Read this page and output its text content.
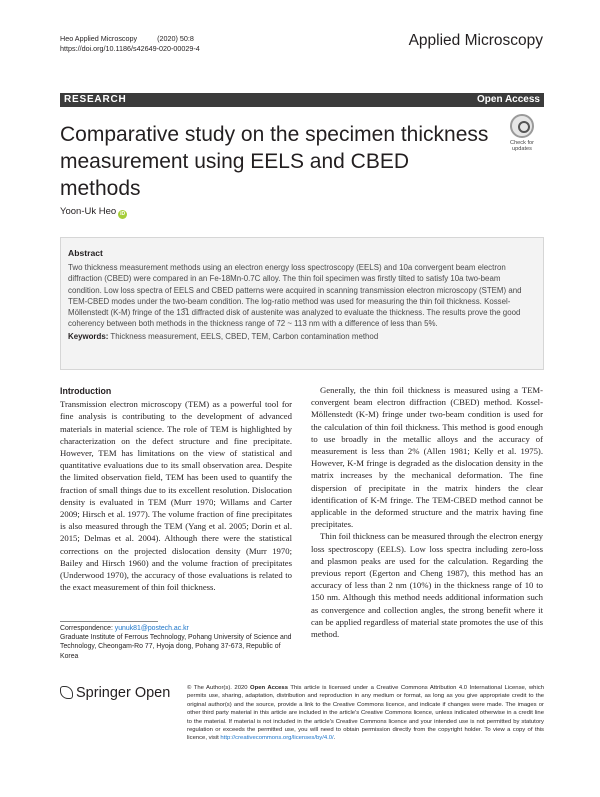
Heo Applied Microscopy          (2020) 50:8
https://doi.org/10.1186/s42649-020-00029-4	Applied Microscopy
RESEARCH	Open Access
Check for
updates
Comparative study on the specimen thickness measurement using EELS and CBED methods
Yoon-Uk Heo iD
Abstract
Two thickness measurement methods using an electron energy loss spectroscopy (EELS) and 10a convergent beam electron diffraction (CBED) were compared in an Fe-18Mn-0.7C alloy. The thin foil specimen was firstly tilted to satisfy 10a two-beam condition. Low loss spectra of EELS and CBED patterns were acquired in scanning transmission electron microscopy (STEM) and TEM-CBED modes under the two-beam condition. The log-ratio method was used for measuring the thin foil thickness. Kossel-Möllenstedt (K-M) fringe of the 13̅1 diffracted disk of austenite was analyzed to evaluate the thickness. The results prove the good coherency between both methods in the thickness range of 72 ~ 113 nm with a difference of less than 5%.
Keywords: Thickness measurement, EELS, CBED, TEM, Carbon contamination method
Introduction

Transmission electron microscopy (TEM) as a powerful tool for fine analysis is contributing to the development of advanced materials in material science. The role of TEM is highlighted by characterization on the defect structure and fine precipitate. However, TEM has limitations on the view of statistical and quantitative evaluations due to its small observation area. Despite the limited observation field, TEM has been used to quantify the fraction of small things due to its excellent resolution. Dislocation density is evaluated in TEM (Murr 1970; Willams and Carter 2009; Hirsch et al. 1977). The volume fraction of fine precipitates is also measured through the TEM (Yang et al. 2005; Dorin et al. 2015; Delmas et al. 2004). Although there were the statistical corrections on the projected dislocation density (Murr 1970; Bailey and Hirsch 1960) and the volume fraction of precipitates (Underwood 1970), the accuracy of those evaluations is related to the exact measurement of thin foil thickness.

Generally, the thin foil thickness is measured using a TEM- convergent beam electron diffraction (CBED) method. Kossel-Möllenstedt (K-M) fringe under two-beam condition is used for the calculation of thin foil thickness. This method is good enough to use broadly in the metallic alloys and the accuracy of measurement is less than 2% (Allen 1981; Kelly et al. 1975). However, K-M fringe is degraded as the dislocation density in the matrix increases by the mechanical deformation. The fine dispersion of precipitate in the matrix hinders the clear identification of K-M fringe. The TEM-CBED method cannot be applicable in the deformed structure and the matrix having fine precipitates.

Thin foil thickness can be measured through the electron energy loss spectroscopy (EELS). Low loss spectra including zero-loss and plasmon peaks are used for the calculation. Regarding the previous report (Egerton and Cheng 1987), this method has an accuracy of less than 2 nm (10%) in the thickness range of 10 to 150 nm. Although this method needs additional information such as convergence and collection angles, the strong benefit where it can be applied regardless of material state promotes the use of this method.

Correspondence: yunuk81@postech.ac.kr
Graduate Institute of Ferrous Technology, Pohang University of Science and Technology, Cheongam-Ro 77, Hyoja dong, Pohang 37-673, Republic of Korea
Springer Open	© The Author(s). 2020 Open Access This article is licensed under a Creative Commons Attribution 4.0 International License, which permits use, sharing, adaptation, distribution and reproduction in any medium or format, as long as you give appropriate credit to the original author(s) and the source, provide a link to the Creative Commons licence, and indicate if changes were made. The images or other third party material in this article are included in the article's Creative Commons licence, unless indicated otherwise in a credit line to the material. If material is not included in the article's Creative Commons licence and your intended use is not permitted by statutory regulation or exceeds the permitted use, you will need to obtain permission directly from the copyright holder. To view a copy of this licence, visit http://creativecommons.org/licenses/by/4.0/.
